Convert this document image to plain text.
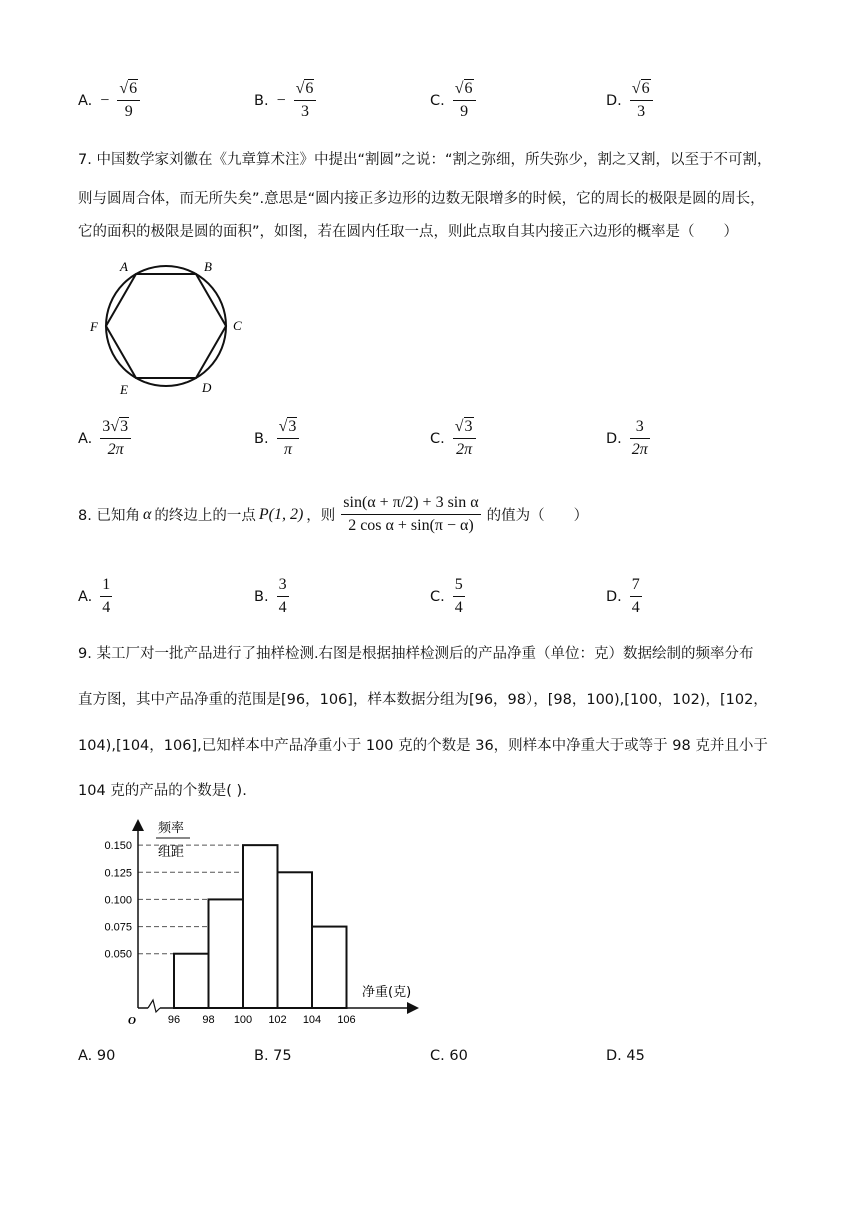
A. − $\frac{√6}{9}$	B. − $\frac{√6}{3}$	C. $\frac{√6}{9}$	D. $\frac{√6}{3}$
7. 中国数学家刘徽在《九章算术注》中提出“割圆”之说：“割之弥细，所失弥少，割之又割，以至于不可割，
则与圆周合体，而无所失矣”.意思是“圆内接正多边形的边数无限增多的时候，它的周长的极限是圆的周长，
它的面积的极限是圆的面积”，如图，若在圆内任取一点，则此点取自其内接正六边形的概率是（　　）
A	B
C
D
E
F
A. $\frac{3√3}{2\pi}$	B. $\frac{√3}{\pi}$	C. $\frac{√3}{2\pi}$	D. $\frac{3}{2\pi}$
8. 已知角 α 的终边上的一点 P(1, 2) ，则 $\frac{\text{sin(α + π/2) + 3 sin α}}{\text{2 cos α + sin(π − α)}}$ 的值为（　　）
A. $\frac{1}{4}$	B. $\frac{3}{4}$	C. $\frac{5}{4}$	D. $\frac{7}{4}$
9. 某工厂对一批产品进行了抽样检测.右图是根据抽样检测后的产品净重（单位：克）数据绘制的频率分布
直方图，其中产品净重的范围是[96，106]，样本数据分组为[96，98），[98，100),[100，102)，[102，
104),[104，106],已知样本中产品净重小于 100 克的个数是 36，则样本中净重大于或等于 98 克并且小于
104 克的产品的个数是( ).
0.050
0.075
0.100
0.125
0.150
96 98 100 102 104 106
频率
组距
净重(克)
O
A. 90	B. 75	C. 60	D. 45
